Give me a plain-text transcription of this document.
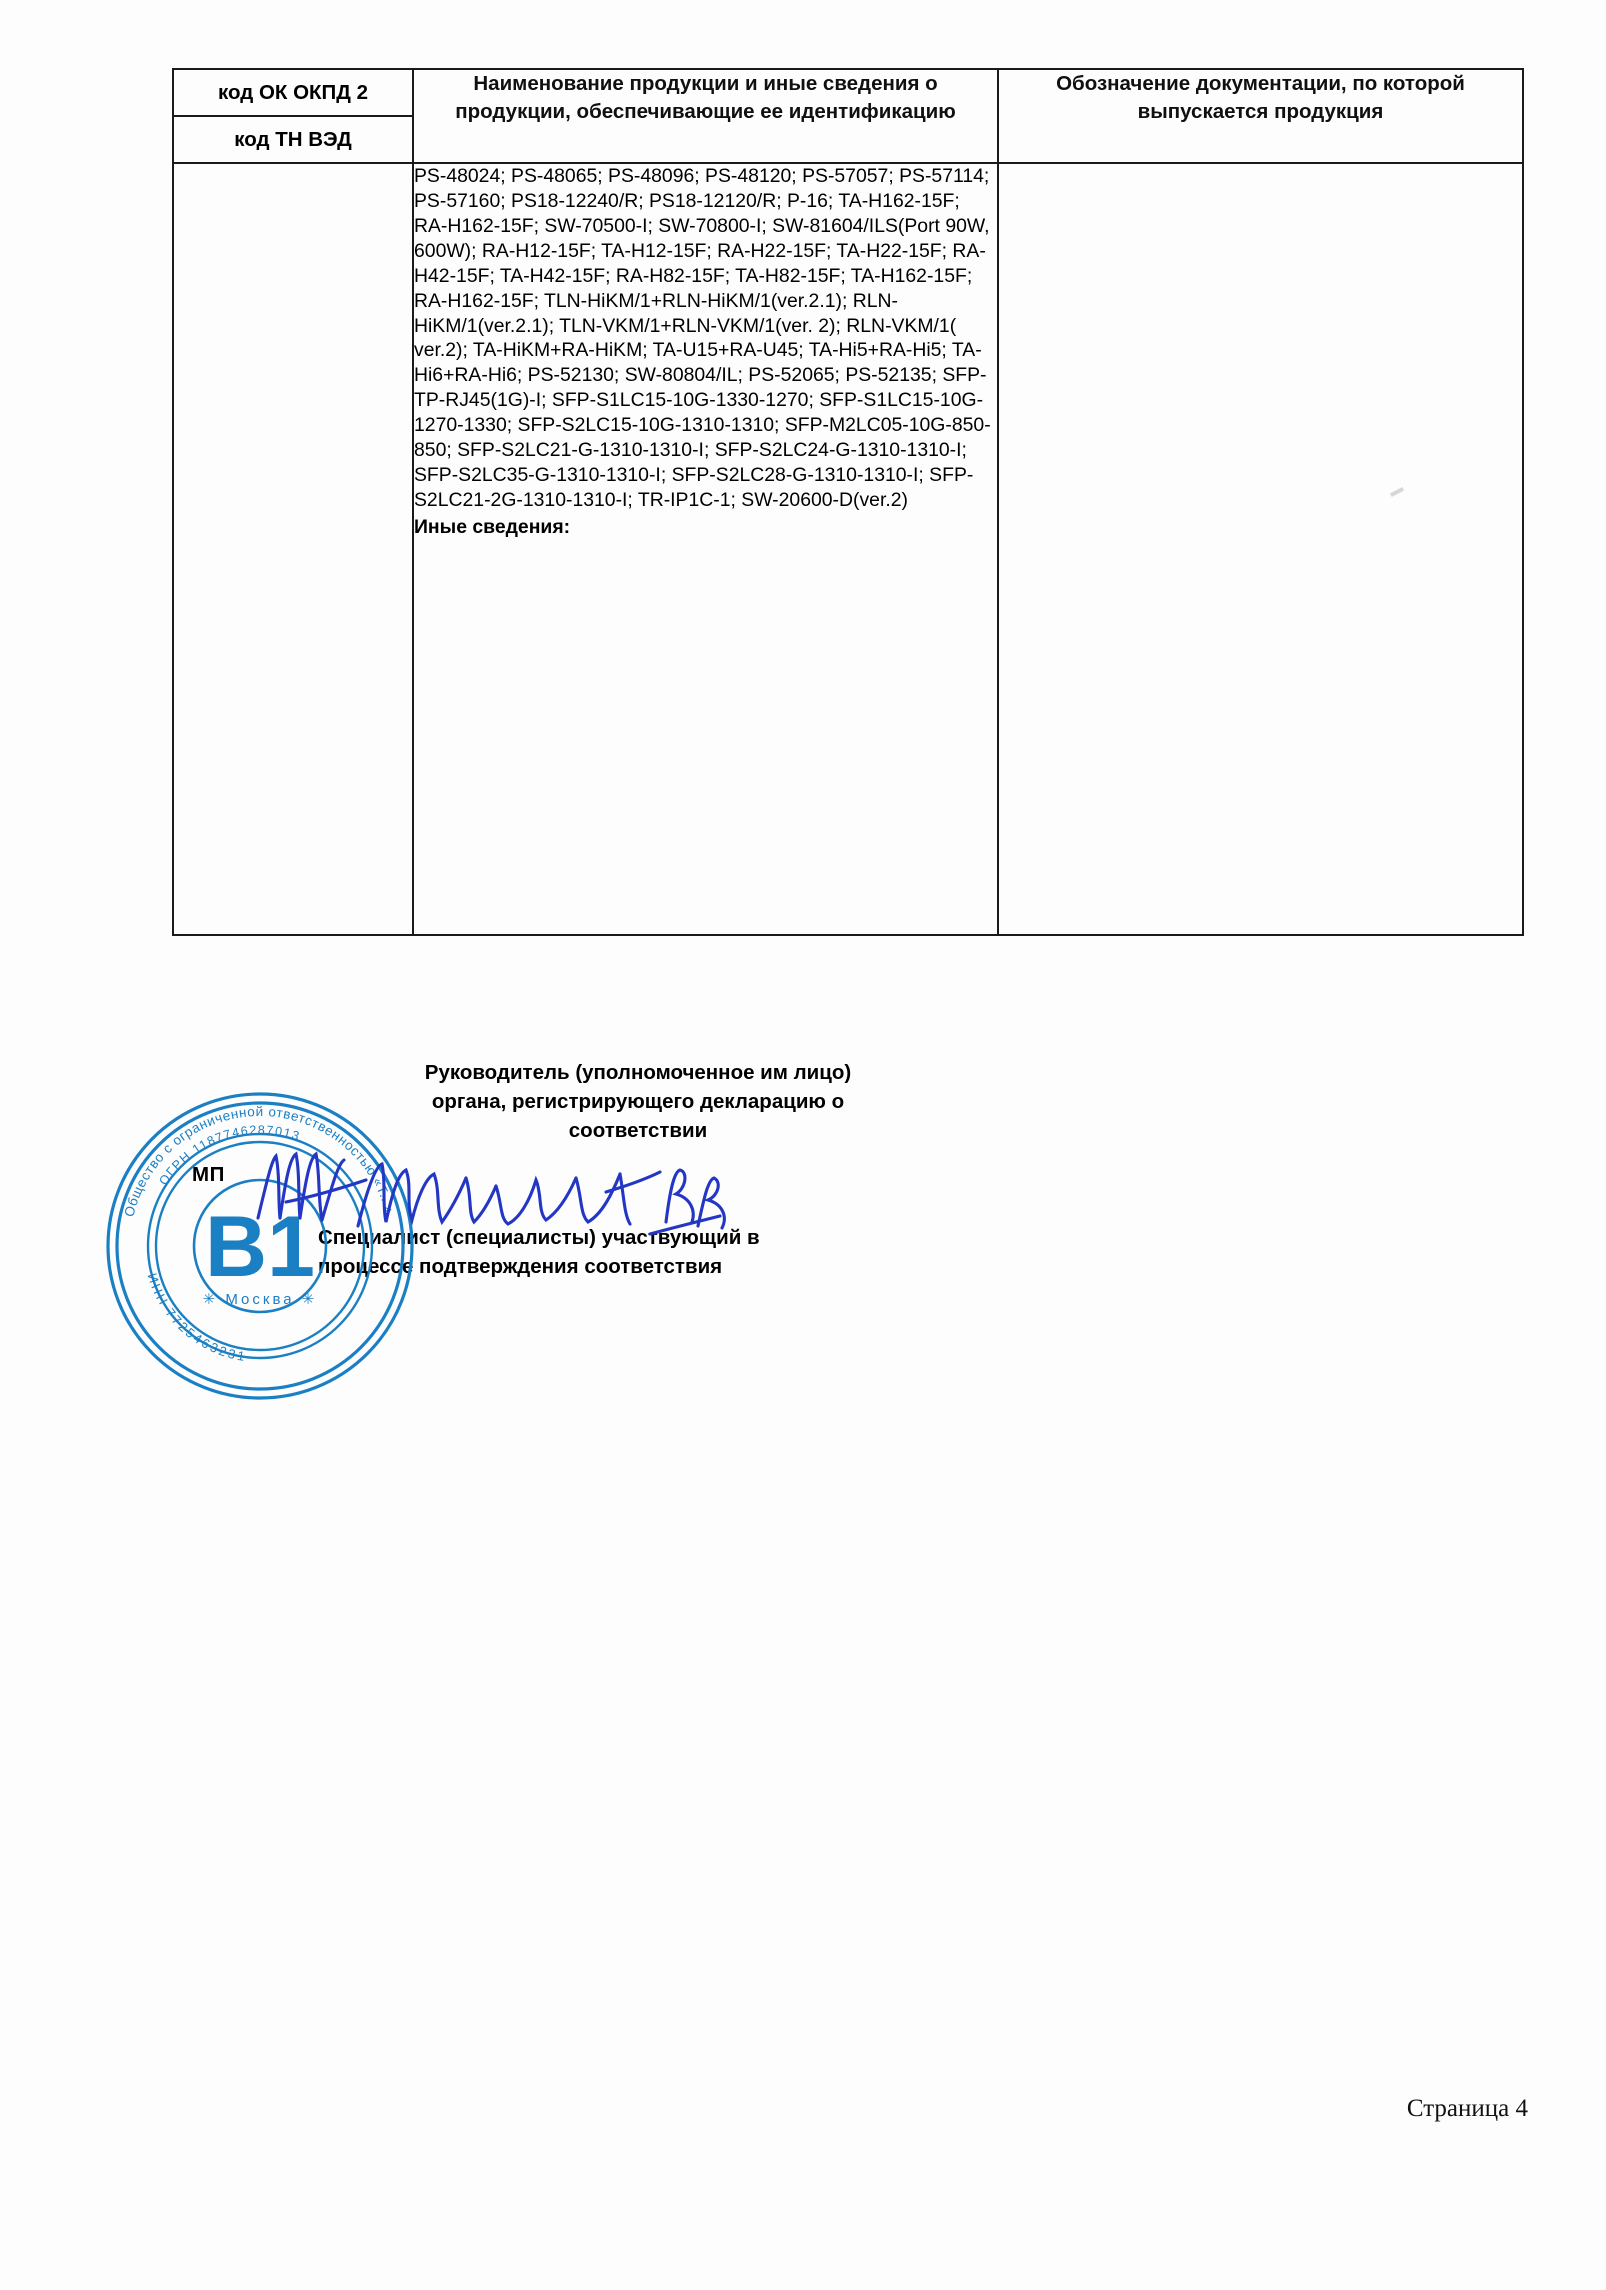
код ОК ОКПД 2
код ТН ВЭД	Наименование продукции и иные сведения о продукции, обеспечивающие ее идентификацию	Обозначение документации, по которой выпускается продукция
	PS-48024; PS-48065; PS-48096; PS-48120; PS-57057; PS-57114; PS-57160; PS18-12240/R; PS18-12120/R; P-16; TA-H162-15F; RA-H162-15F; SW-70500-I; SW-70800-I; SW-81604/ILS(Port 90W, 600W); RA-H12-15F; TA-H12-15F; RA-H22-15F; TA-H22-15F; RA-H42-15F; TA-H42-15F; RA-H82-15F; TA-H82-15F; TA-H162-15F; RA-H162-15F; TLN-HiKM/1+RLN-HiKM/1(ver.2.1); RLN-HiKM/1(ver.2.1); TLN-VKM/1+RLN-VKM/1(ver. 2); RLN-VKM/1( ver.2); TA-HiKM+RA-HiKM; TA-U15+RA-U45; TA-Hi5+RA-Hi5; TA-Hi6+RA-Hi6; PS-52130; SW-80804/IL; PS-52065; PS-52135; SFP-TP-RJ45(1G)-I; SFP-S1LC15-10G-1330-1270; SFP-S1LC15-10G-1270-1330; SFP-S2LC15-10G-1310-1310; SFP-M2LC05-10G-850-850; SFP-S2LC21-G-1310-1310-I; SFP-S2LC24-G-1310-1310-I; SFP-S2LC35-G-1310-1310-I; SFP-S2LC28-G-1310-1310-I; SFP-S2LC21-2G-1310-1310-I; TR-IP1C-1; SW-20600-D(ver.2)
Иные сведения:	

Руководитель (уполномоченное им лицо)
органа, регистрирующего декларацию о
соответствии
Специалист (специалисты) участвующий в
процессе подтверждения соответствия
МП
Общество с ограниченной ответственностью «Т...»
ИНН 7725463231
ОГРН 1187746287013
✳ Москва ✳
В1
Страница 4
